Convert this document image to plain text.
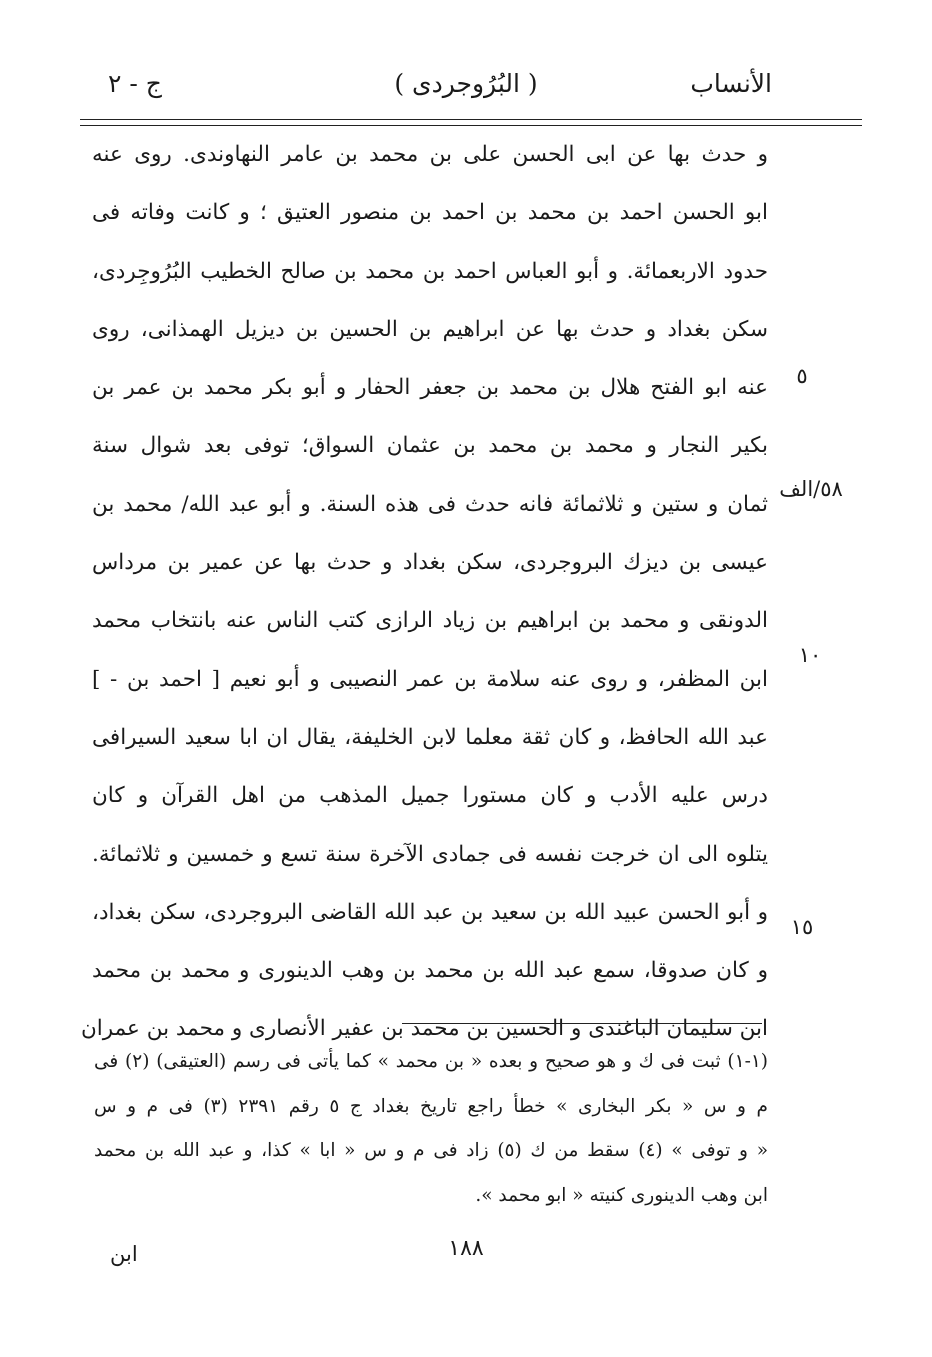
الأنساب
( البُرُوجردی )
ج - ٢
و حدث بها عن ابی الحسن علی بن محمد بن عامر النهاوندی. روی عنه
ابو الحسن احمد بن محمد بن احمد بن منصور العتیق ؛ و کانت وفاته فی
حدود الاربعمائة. و أبو العباس احمد بن محمد بن صالح الخطیب البُرُوجِردی،
سکن بغداد و حدث بها عن ابراهیم بن الحسین بن دیزیل الهمذانی، روی
عنه ابو الفتح هلال بن محمد بن جعفر الحفار و أبو بکر محمد بن عمر بن
بکیر النجار و محمد بن محمد بن عثمان السواق؛ توفی بعد شوال سنة
ثمان و ستین و ثلاثمائة فانه حدث فی هذه السنة. و أبو عبد الله/ محمد بن
عیسی بن دیزك البروجردی، سکن بغداد و حدث بها عن عمیر بن مرداس
الدونقی و محمد بن ابراهیم بن زیاد الرازی کتب الناس عنه بانتخاب محمد
ابن المظفر، و روی عنه سلامة بن عمر النصیبی و أبو نعیم [ احمد بن - ]
عبد الله الحافظ، و کان ثقة معلما لابن الخلیفة، یقال ان ابا سعید السیرافی
درس علیه الأدب و کان مستورا جمیل المذهب من اهل القرآن و کان
یتلوه الی ان خرجت نفسه فی جمادی الآخرة سنة تسع و خمسین و ثلاثمائة.
و أبو الحسن عبید الله بن سعید بن عبد الله القاضی البروجردی، سکن بغداد،
و کان صدوقا، سمع عبد الله بن محمد بن وهب الدینوری و محمد بن محمد
ابن سلیمان الباغندی و الحسین بن محمد بن عفیر الأنصاری و محمد بن عمران
٥
٥٨/الف
١٠
١٥
(١-١) ثبت فی ك و هو صحیح و بعده « بن محمد » کما یأتی فی رسم (العتیقی) (٢) فی
م و س « بکر البخاری » خطأ راجع تاریخ بغداد ج ٥ رقم ٢٣٩١ (٣) فی م و س
« و توفی » (٤) سقط من ك (٥) زاد فی م و س « ابا » کذا، و عبد الله بن محمد
ابن وهب الدینوری کنیته « ابو محمد ».
١٨٨
ابن
